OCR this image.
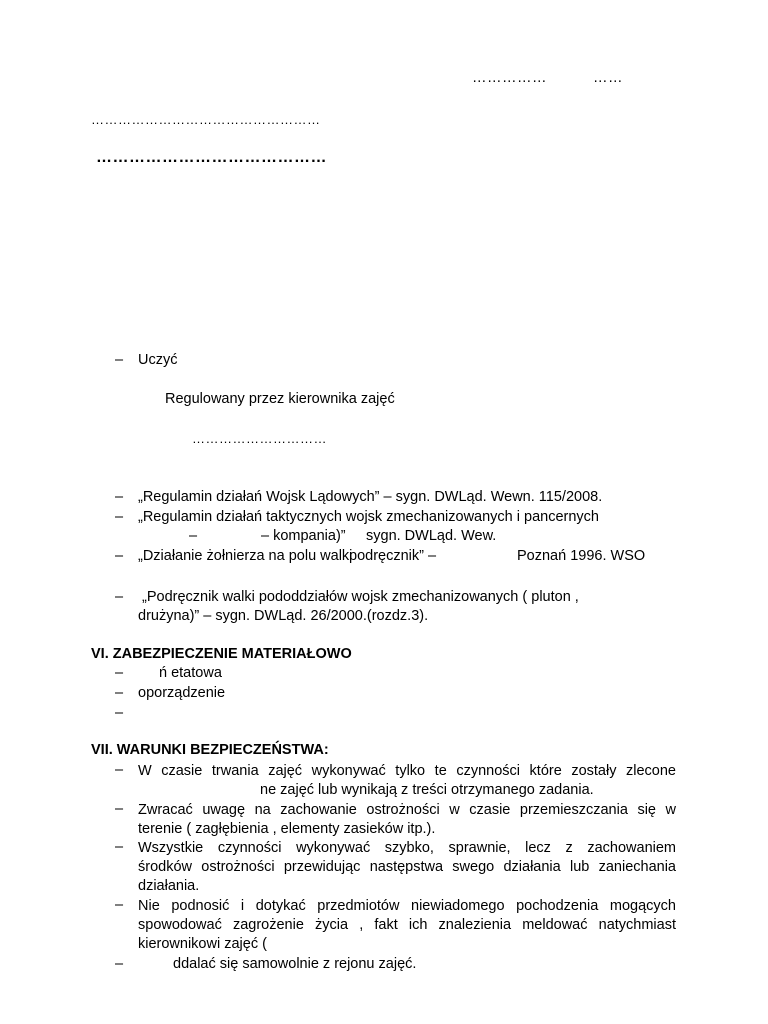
……………	……
……………………………………………
……………………………………
– Uczyć
Regulowany przez kierownika zajęć
…………………………
– „Regulamin działań Wojsk Lądowych” – sygn. DWLąd. Wewn. 115/2008.
– „Regulamin działań taktycznych wojsk zmechanizowanych i pancernych
–	– kompania)” sygn. DWLąd. Wew.
– „Działanie żołnierza na polu walki
podręcznik” –	Poznań 1996. WSO
– „Podręcznik walki pododdziałów wojsk zmechanizowanych ( pluton ,
drużyna)” – sygn. DWLąd. 26/2000.(rozdz.3).
VI. ZABEZPIECZENIE MATERIAŁOWO
– ń etatowa
– oporządzenie
–
VII. WARUNKI BEZPIECZEŃSTWA:
– W czasie trwania zajęć wykonywać tylko te czynności które zostały zlecone
ne zajęć lub wynikają z treści otrzymanego zadania.
– Zwracać uwagę na zachowanie ostrożności w czasie przemieszczania się w
terenie ( zagłębienia , elementy zasieków itp.).
– Wszystkie czynności wykonywać szybko, sprawnie, lecz z zachowaniem
środków ostrożności przewidując następstwa swego działania lub zaniechania
działania.
– Nie podnosić i dotykać przedmiotów niewiadomego pochodzenia mogących
spowodować zagrożenie życia , fakt ich znalezienia meldować natychmiast
kierownikowi zajęć (
–	ddalać się samowolnie z rejonu zajęć.
